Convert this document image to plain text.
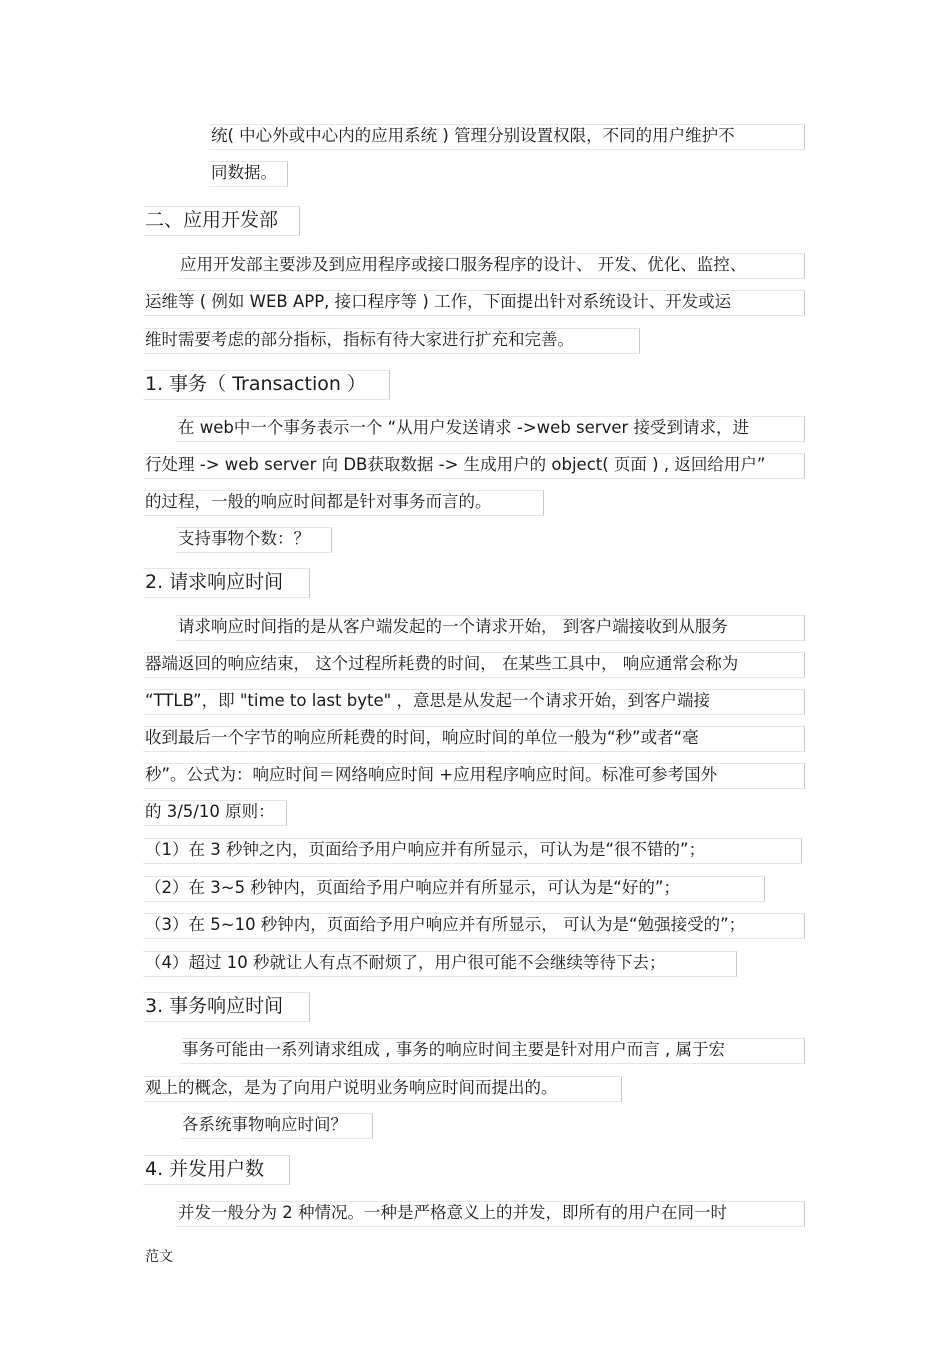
统( 中心外或中心内的应用系统 ) 管理分别设置权限，不同的用户维护不
同数据。
二、应用开发部
应用开发部主要涉及到应用程序或接口服务程序的设计、 开发、优化、监控、
运维等 ( 例如 WEB APP, 接口程序等 ) 工作，下面提出针对系统设计、开发或运
维时需要考虑的部分指标，指标有待大家进行扩充和完善。
1. 事务（ Transaction ）
在 web中一个事务表示一个 “从用户发送请求 ->web server 接受到请求，进
行处理 -> web server 向 DB获取数据 -> 生成用户的 object( 页面 ) , 返回给用户”
的过程，一般的响应时间都是针对事务而言的。
支持事物个数：？
2. 请求响应时间
请求响应时间指的是从客户端发起的一个请求开始， 到客户端接收到从服务
器端返回的响应结束， 这个过程所耗费的时间， 在某些工具中， 响应通常会称为
“TTLB”，即 "time to last byte" ，意思是从发起一个请求开始，到客户端接
收到最后一个字节的响应所耗费的时间，响应时间的单位一般为“秒”或者“毫
秒”。公式为：响应时间＝网络响应时间 +应用程序响应时间。标准可参考国外
的 3/5/10 原则：
（1）在 3 秒钟之内，页面给予用户响应并有所显示，可认为是“很不错的”；
（2）在 3~5 秒钟内，页面给予用户响应并有所显示，可认为是“好的”；
（3）在 5~10 秒钟内，页面给予用户响应并有所显示， 可认为是“勉强接受的”；
（4）超过 10 秒就让人有点不耐烦了，用户很可能不会继续等待下去；
3. 事务响应时间
事务可能由一系列请求组成 , 事务的响应时间主要是针对用户而言 , 属于宏
观上的概念，是为了向用户说明业务响应时间而提出的。
各系统事物响应时间？
4. 并发用户数
并发一般分为 2 种情况。一种是严格意义上的并发，即所有的用户在同一时
范文
